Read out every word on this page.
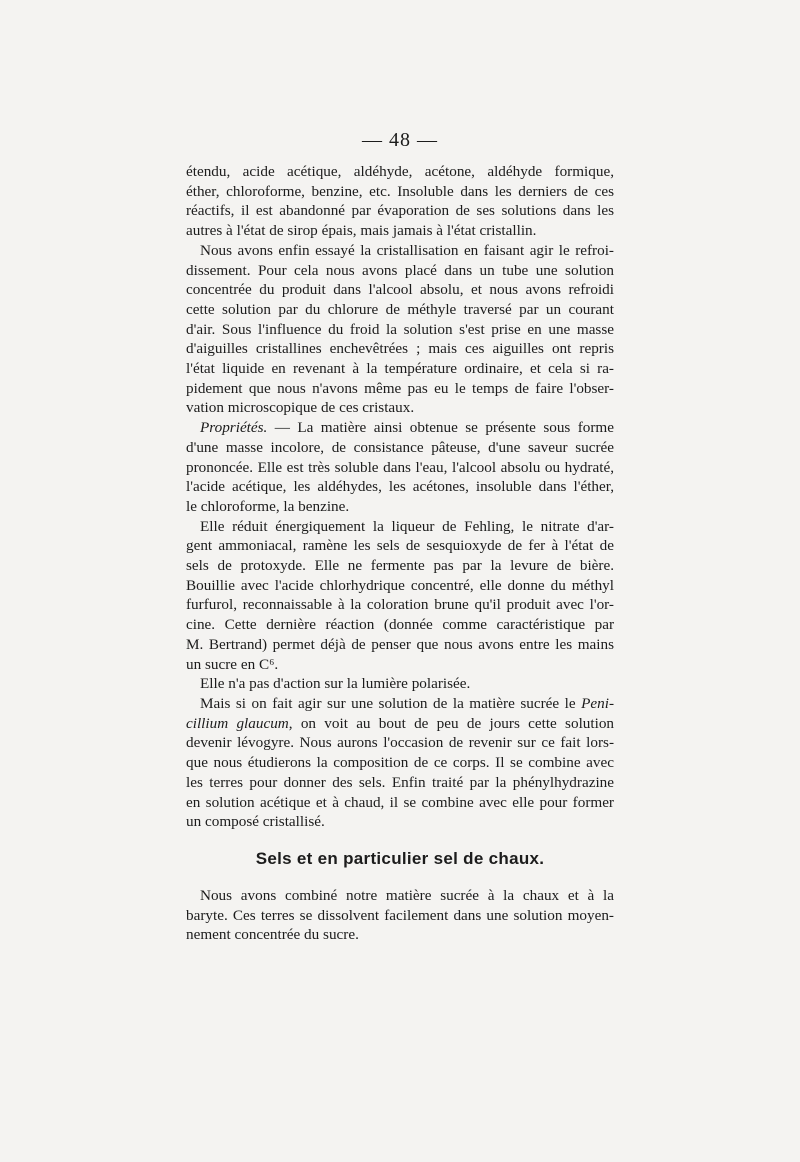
— 48 —
étendu, acide acétique, aldéhyde, acétone, aldéhyde formique,
éther, chloroforme, benzine, etc. Insoluble dans les derniers de ces
réactifs, il est abandonné par évaporation de ses solutions dans les
autres à l'état de sirop épais, mais jamais à l'état cristallin.
Nous avons enfin essayé la cristallisation en faisant agir le refroi-
dissement. Pour cela nous avons placé dans un tube une solution
concentrée du produit dans l'alcool absolu, et nous avons refroidi
cette solution par du chlorure de méthyle traversé par un courant
d'air. Sous l'influence du froid la solution s'est prise en une masse
d'aiguilles cristallines enchevêtrées ; mais ces aiguilles ont repris
l'état liquide en revenant à la température ordinaire, et cela si ra-
pidement que nous n'avons même pas eu le temps de faire l'obser-
vation microscopique de ces cristaux.
Propriétés. — La matière ainsi obtenue se présente sous forme
d'une masse incolore, de consistance pâteuse, d'une saveur sucrée
prononcée. Elle est très soluble dans l'eau, l'alcool absolu ou hydraté,
l'acide acétique, les aldéhydes, les acétones, insoluble dans l'éther,
le chloroforme, la benzine.
Elle réduit énergiquement la liqueur de Fehling, le nitrate d'ar-
gent ammoniacal, ramène les sels de sesquioxyde de fer à l'état de
sels de protoxyde. Elle ne fermente pas par la levure de bière.
Bouillie avec l'acide chlorhydrique concentré, elle donne du méthyl
furfurol, reconnaissable à la coloration brune qu'il produit avec l'or-
cine. Cette dernière réaction (donnée comme caractéristique par
M. Bertrand) permet déjà de penser que nous avons entre les mains
un sucre en C⁶.
Elle n'a pas d'action sur la lumière polarisée.
Mais si on fait agir sur une solution de la matière sucrée le Peni-
cillium glaucum, on voit au bout de peu de jours cette solution
devenir lévogyre. Nous aurons l'occasion de revenir sur ce fait lors-
que nous étudierons la composition de ce corps. Il se combine avec
les terres pour donner des sels. Enfin traité par la phénylhydrazine
en solution acétique et à chaud, il se combine avec elle pour former
un composé cristallisé.
Sels et en particulier sel de chaux.
Nous avons combiné notre matière sucrée à la chaux et à la
baryte. Ces terres se dissolvent facilement dans une solution moyen-
nement concentrée du sucre.
